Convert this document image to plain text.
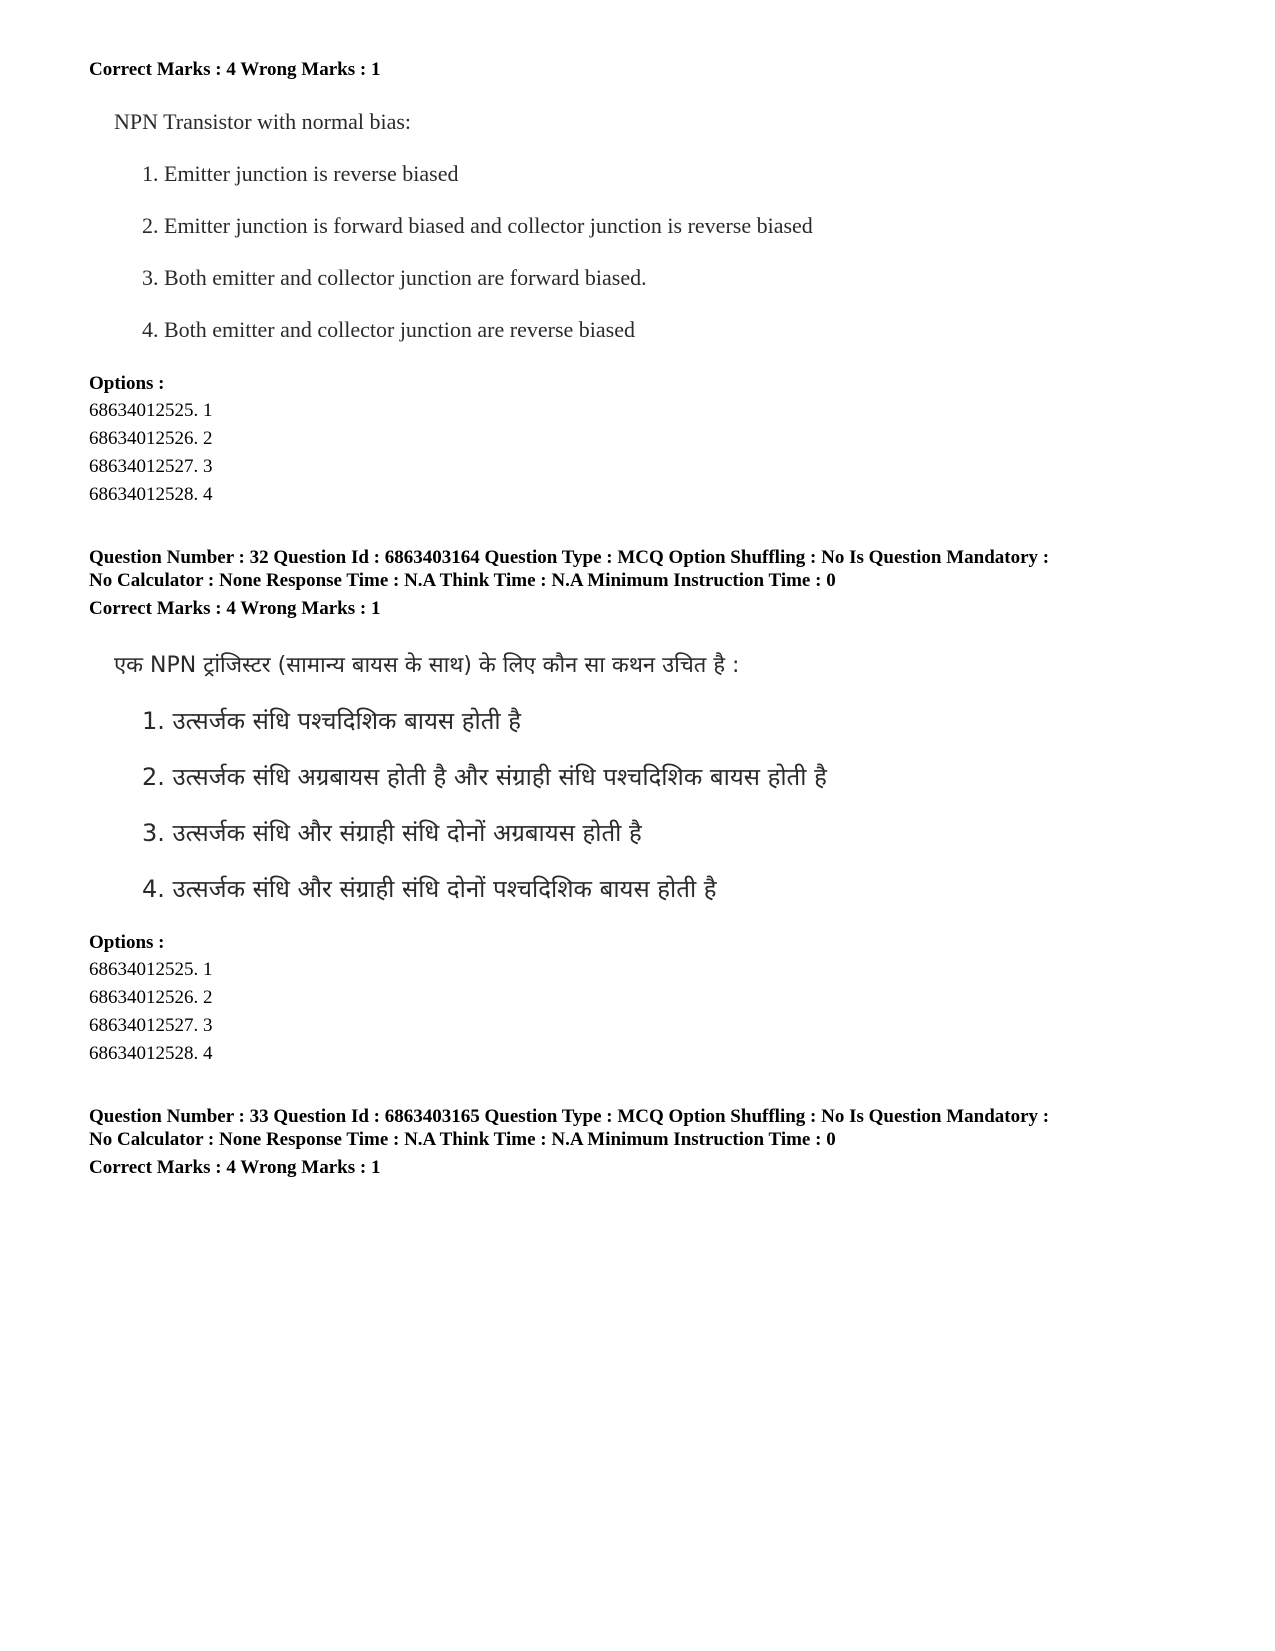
Correct Marks : 4 Wrong Marks : 1
NPN Transistor with normal bias:
1. Emitter junction is reverse biased
2. Emitter junction is forward biased and collector junction is reverse biased
3. Both emitter and collector junction are forward biased.
4. Both emitter and collector junction are reverse biased
Options :
68634012525. 1
68634012526. 2
68634012527. 3
68634012528. 4
Question Number : 32 Question Id : 6863403164 Question Type : MCQ Option Shuffling : No Is Question Mandatory :
No Calculator : None Response Time : N.A Think Time : N.A Minimum Instruction Time : 0
Correct Marks : 4 Wrong Marks : 1
एक NPN ट्रांजिस्टर (सामान्य बायस के साथ) के लिए कौन सा कथन उचित है :
1. उत्सर्जक संधि पश्चदिशिक बायस होती है
2. उत्सर्जक संधि अग्रबायस होती है और संग्राही संधि पश्चदिशिक बायस होती है
3. उत्सर्जक संधि और संग्राही संधि दोनों अग्रबायस होती है
4. उत्सर्जक संधि और संग्राही संधि दोनों पश्चदिशिक बायस होती है
Options :
68634012525. 1
68634012526. 2
68634012527. 3
68634012528. 4
Question Number : 33 Question Id : 6863403165 Question Type : MCQ Option Shuffling : No Is Question Mandatory :
No Calculator : None Response Time : N.A Think Time : N.A Minimum Instruction Time : 0
Correct Marks : 4 Wrong Marks : 1
